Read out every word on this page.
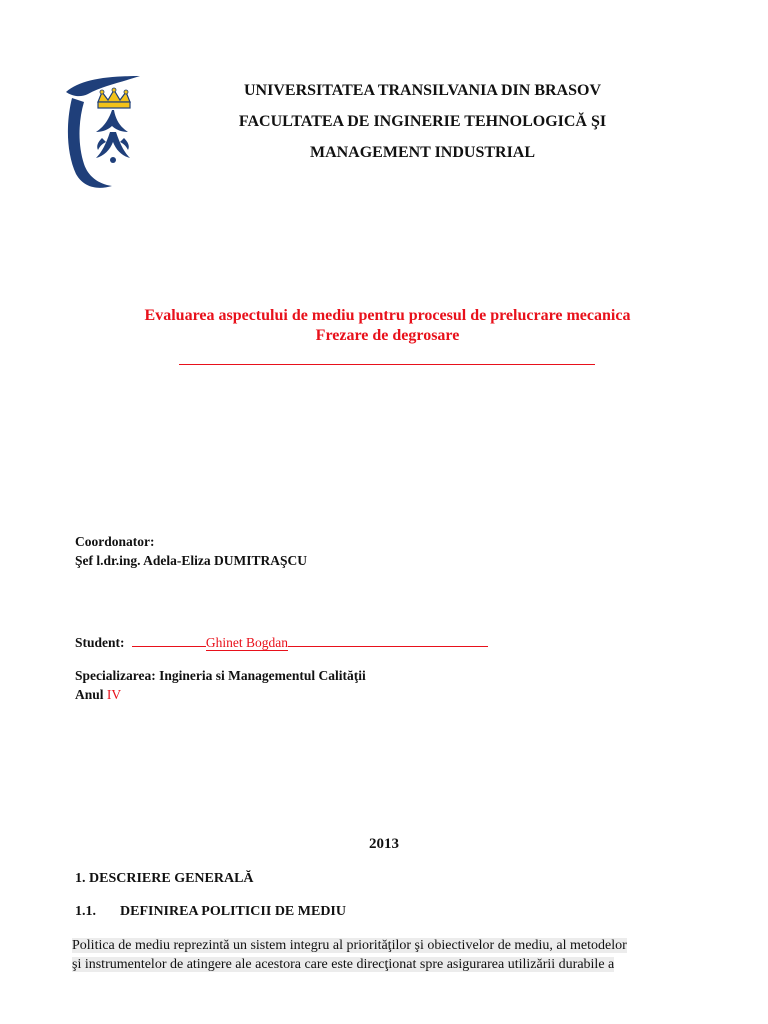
UNIVERSITATEA TRANSILVANIA DIN BRASOV
FACULTATEA DE INGINERIE TEHNOLOGICĂ ŞI
MANAGEMENT INDUSTRIAL
Evaluarea aspectului de mediu pentru procesul de prelucrare mecanica
Frezare de degrosare
Coordonator:
Şef l.dr.ing. Adela-Eliza DUMITRAŞCU
Student:	Ghinet Bogdan
Specializarea: Ingineria si Managementul Calităţii
Anul IV
2013
1. DESCRIERE GENERALĂ
1.1. DEFINIREA POLITICII DE MEDIU
Politica de mediu reprezintă un sistem integru al priorităţilor şi obiectivelor de mediu, al metodelor
şi instrumentelor de atingere ale acestora care este direcţionat spre asigurarea utilizării durabile a
